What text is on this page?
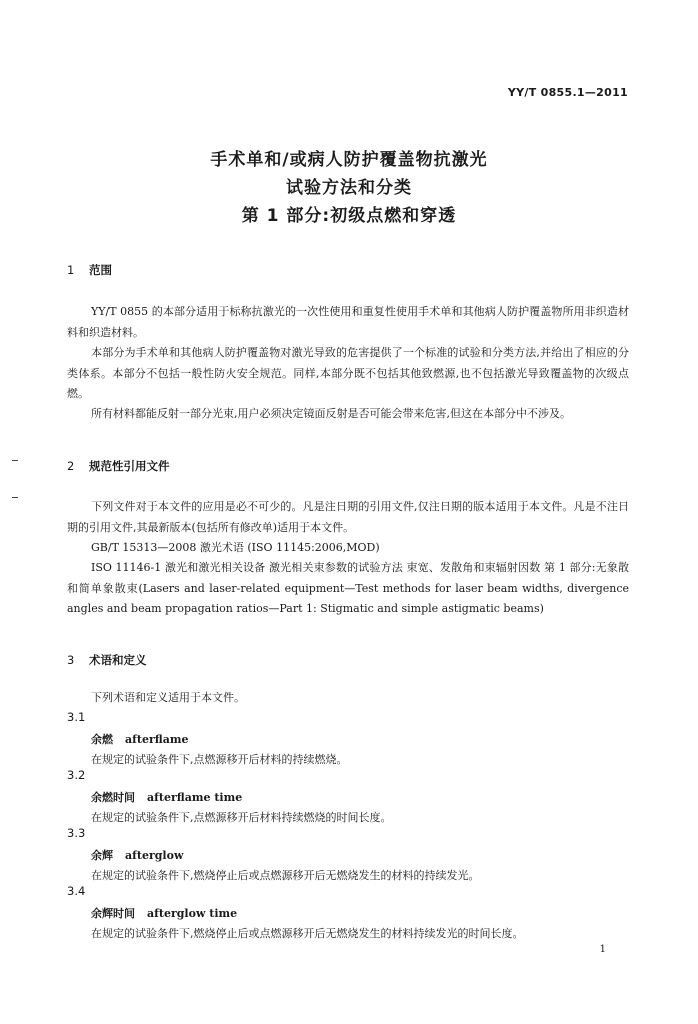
YY/T 0855.1—2011
手术单和/或病人防护覆盖物抗激光
试验方法和分类
第 1 部分:初级点燃和穿透
1 范围
YY/T 0855 的本部分适用于标称抗激光的一次性使用和重复性使用手术单和其他病人防护覆盖物所用非织造材料和织造材料。
本部分为手术单和其他病人防护覆盖物对激光导致的危害提供了一个标准的试验和分类方法,并给出了相应的分类体系。本部分不包括一般性防火安全规范。同样,本部分既不包括其他致燃源,也不包括激光导致覆盖物的次级点燃。
所有材料都能反射一部分光束,用户必须决定镜面反射是否可能会带来危害,但这在本部分中不涉及。
2 规范性引用文件
下列文件对于本文件的应用是必不可少的。凡是注日期的引用文件,仅注日期的版本适用于本文件。凡是不注日期的引用文件,其最新版本(包括所有修改单)适用于本文件。
GB/T 15313—2008 激光术语 (ISO 11145:2006,MOD)
ISO 11146-1 激光和激光相关设备 激光相关束参数的试验方法 束宽、发散角和束辐射因数 第 1 部分:无象散和简单象散束(Lasers and laser-related equipment—Test methods for laser beam widths, divergence angles and beam propagation ratios—Part 1: Stigmatic and simple astigmatic beams)
3 术语和定义
下列术语和定义适用于本文件。
3.1
余燃 afterflame
在规定的试验条件下,点燃源移开后材料的持续燃烧。
3.2
余燃时间 afterflame time
在规定的试验条件下,点燃源移开后材料持续燃烧的时间长度。
3.3
余辉 afterglow
在规定的试验条件下,燃烧停止后或点燃源移开后无燃烧发生的材料的持续发光。
3.4
余辉时间 afterglow time
在规定的试验条件下,燃烧停止后或点燃源移开后无燃烧发生的材料持续发光的时间长度。
1
